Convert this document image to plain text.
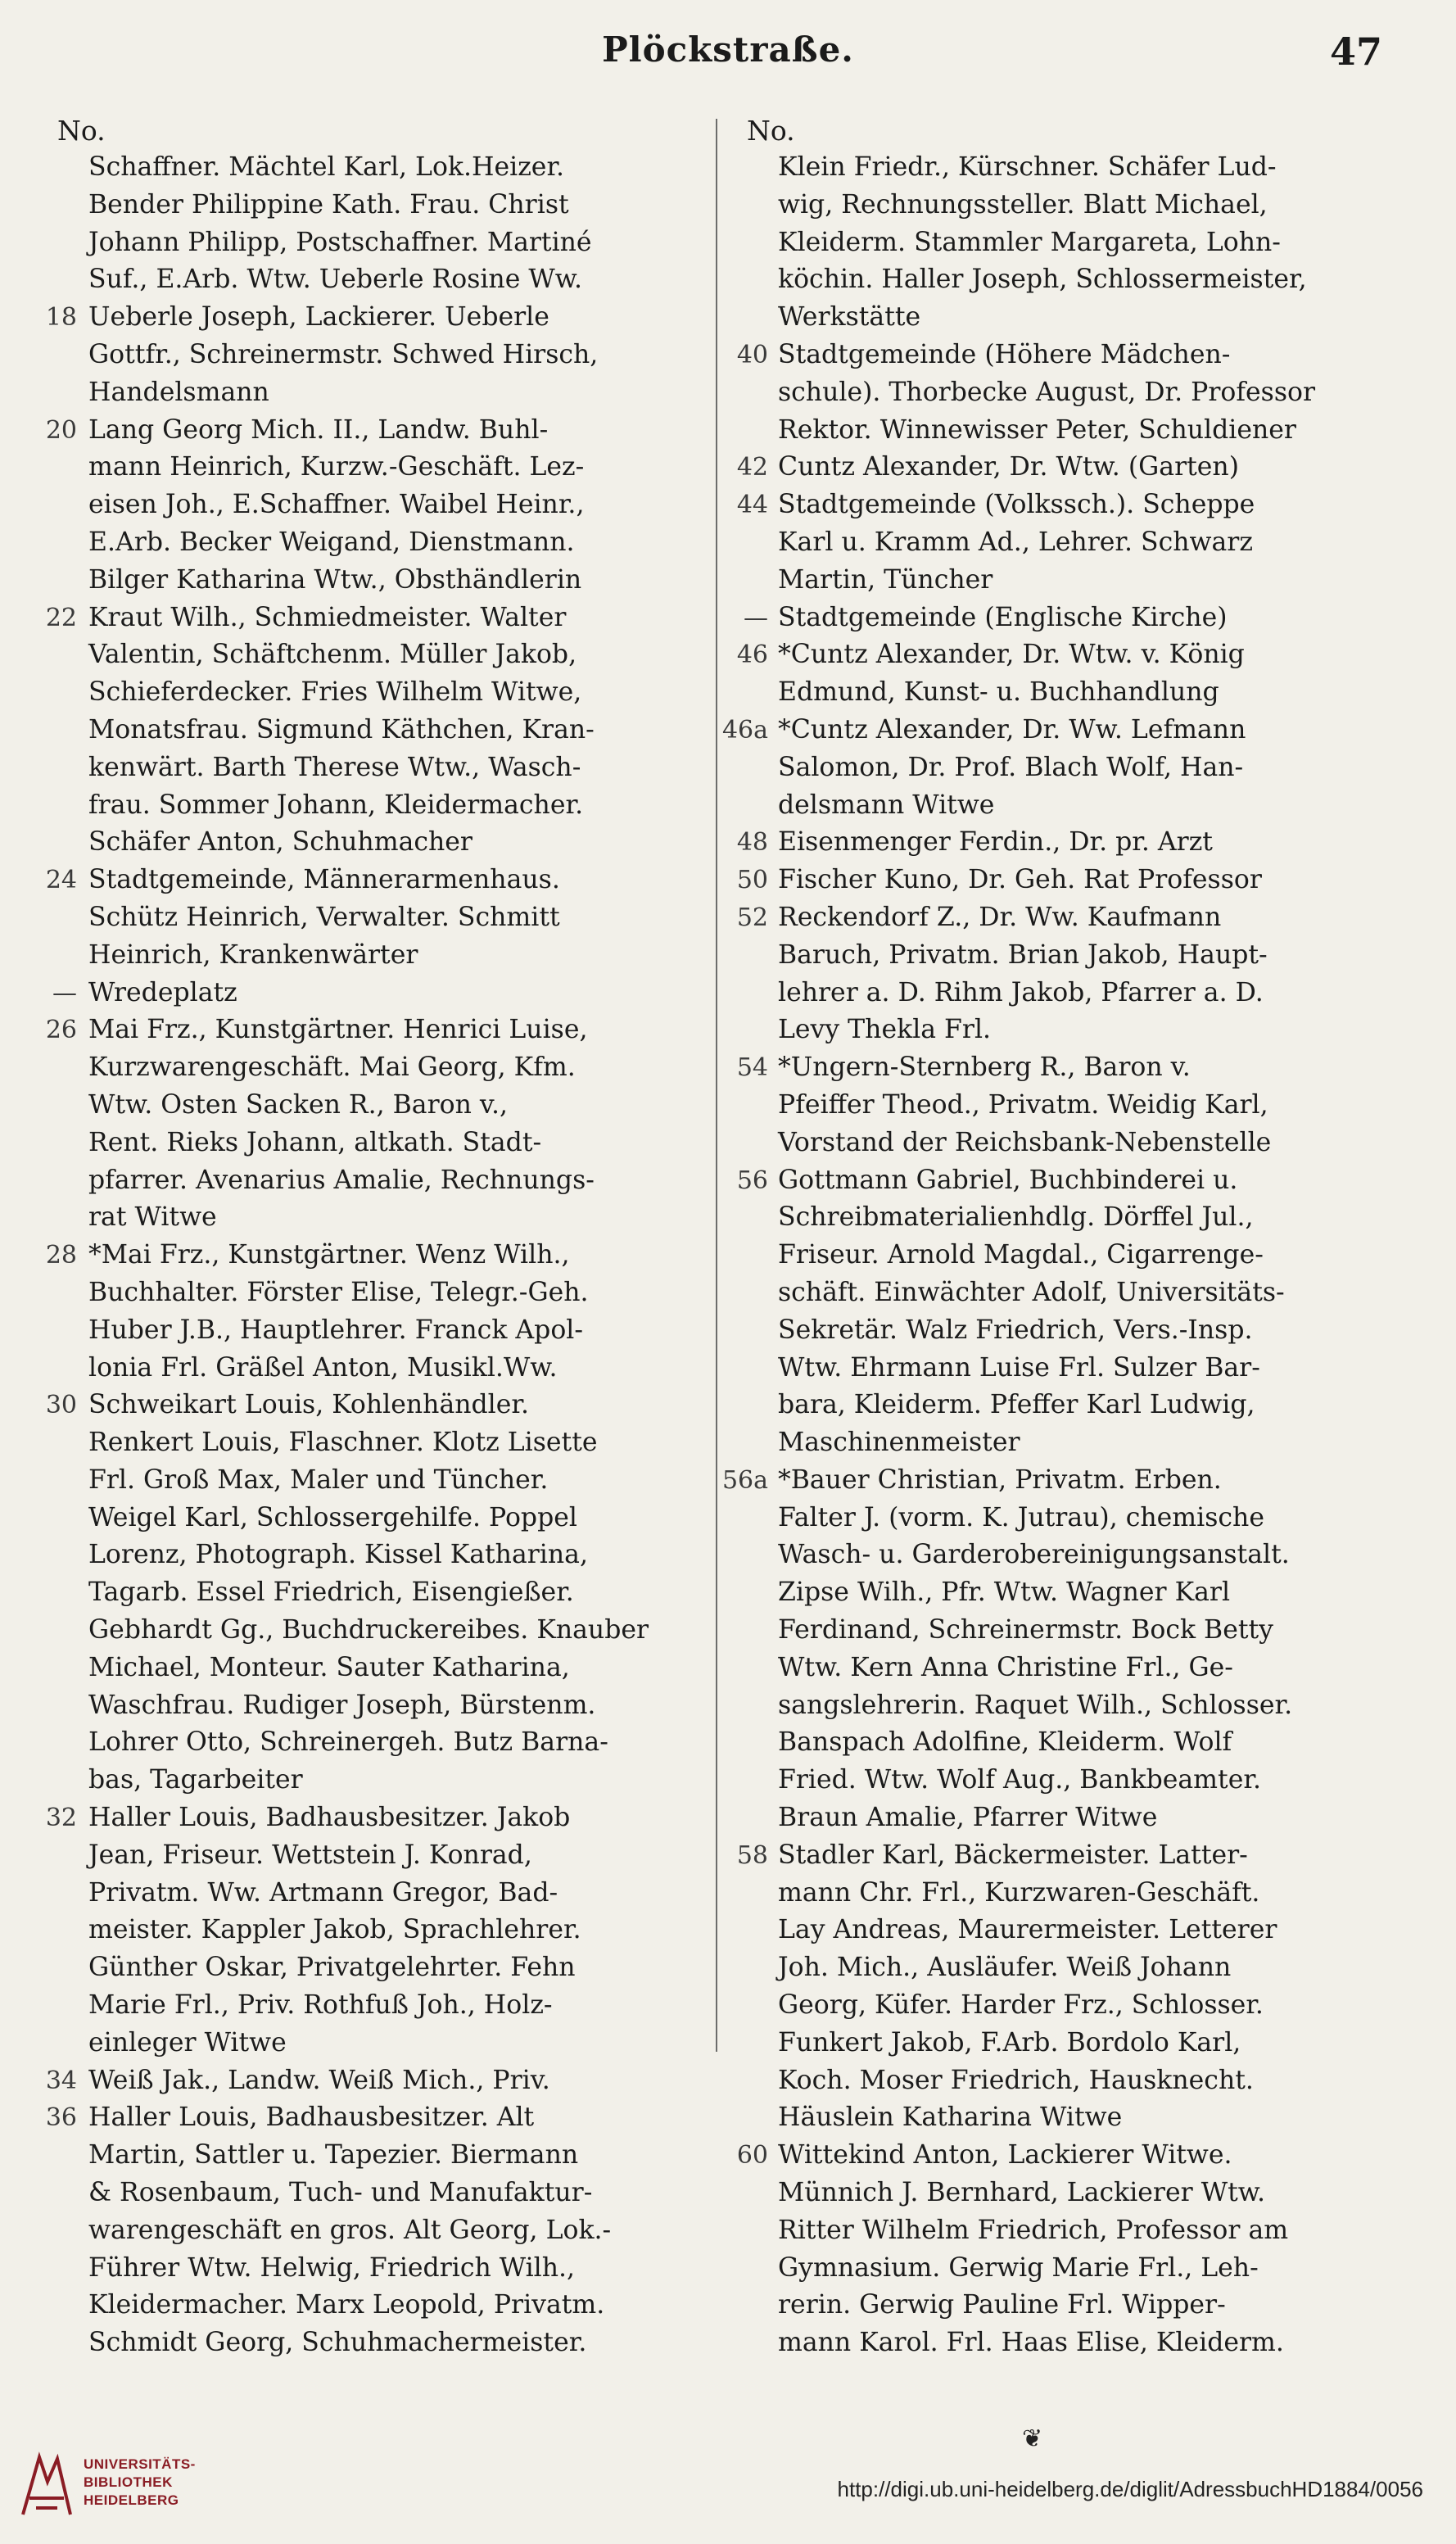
Plöckstraße.	47
No.
Schaffner. Mächtel Karl, Lok.Heizer.
Bender Philippine Kath. Frau. Christ
Johann Philipp, Postschaffner. Martiné
Suf., E.Arb. Wtw. Ueberle Rosine Ww.
18 Ueberle Joseph, Lackierer. Ueberle
Gottfr., Schreinermstr. Schwed Hirsch,
Handelsmann
20 Lang Georg Mich. II., Landw. Buhl-
mann Heinrich, Kurzw.-Geschäft. Lez-
eisen Joh., E.Schaffner. Waibel Heinr.,
E.Arb. Becker Weigand, Dienstmann.
Bilger Katharina Wtw., Obsthändlerin
22 Kraut Wilh., Schmiedmeister. Walter
Valentin, Schäftchenm. Müller Jakob,
Schieferdecker. Fries Wilhelm Witwe,
Monatsfrau. Sigmund Käthchen, Kran-
kenwärt. Barth Therese Wtw., Wasch-
frau. Sommer Johann, Kleidermacher.
Schäfer Anton, Schuhmacher
24 Stadtgemeinde, Männerarmenhaus.
Schütz Heinrich, Verwalter. Schmitt
Heinrich, Krankenwärter
— Wredeplatz
26 Mai Frz., Kunstgärtner. Henrici Luise,
Kurzwarengeschäft. Mai Georg, Kfm.
Wtw. Osten Sacken R., Baron v.,
Rent. Rieks Johann, altkath. Stadt-
pfarrer. Avenarius Amalie, Rechnungs-
rat Witwe
28 *Mai Frz., Kunstgärtner. Wenz Wilh.,
Buchhalter. Förster Elise, Telegr.-Geh.
Huber J.B., Hauptlehrer. Franck Apol-
lonia Frl. Gräßel Anton, Musikl.Ww.
30 Schweikart Louis, Kohlenhändler.
Renkert Louis, Flaschner. Klotz Lisette
Frl. Groß Max, Maler und Tüncher.
Weigel Karl, Schlossergehilfe. Poppel
Lorenz, Photograph. Kissel Katharina,
Tagarb. Essel Friedrich, Eisengießer.
Gebhardt Gg., Buchdruckereibes. Knauber
Michael, Monteur. Sauter Katharina,
Waschfrau. Rudiger Joseph, Bürstenm.
Lohrer Otto, Schreinergeh. Butz Barna-
bas, Tagarbeiter
32 Haller Louis, Badhausbesitzer. Jakob
Jean, Friseur. Wettstein J. Konrad,
Privatm. Ww. Artmann Gregor, Bad-
meister. Kappler Jakob, Sprachlehrer.
Günther Oskar, Privatgelehrter. Fehn
Marie Frl., Priv. Rothfuß Joh., Holz-
einleger Witwe
34 Weiß Jak., Landw. Weiß Mich., Priv.
36 Haller Louis, Badhausbesitzer. Alt
Martin, Sattler u. Tapezier. Biermann
& Rosenbaum, Tuch- und Manufaktur-
warengeschäft en gros. Alt Georg, Lok.-
Führer Wtw. Helwig, Friedrich Wilh.,
Kleidermacher. Marx Leopold, Privatm.
Schmidt Georg, Schuhmachermeister.
No.
Klein Friedr., Kürschner. Schäfer Lud-
wig, Rechnungssteller. Blatt Michael,
Kleiderm. Stammler Margareta, Lohn-
köchin. Haller Joseph, Schlossermeister,
Werkstätte
40 Stadtgemeinde (Höhere Mädchen-
schule). Thorbecke August, Dr. Professor
Rektor. Winnewisser Peter, Schuldiener
42 Cuntz Alexander, Dr. Wtw. (Garten)
44 Stadtgemeinde (Volkssch.). Scheppe
Karl u. Kramm Ad., Lehrer. Schwarz
Martin, Tüncher
— Stadtgemeinde (Englische Kirche)
46 *Cuntz Alexander, Dr. Wtw. v. König
Edmund, Kunst- u. Buchhandlung
46a *Cuntz Alexander, Dr. Ww. Lefmann
Salomon, Dr. Prof. Blach Wolf, Han-
delsmann Witwe
48 Eisenmenger Ferdin., Dr. pr. Arzt
50 Fischer Kuno, Dr. Geh. Rat Professor
52 Reckendorf Z., Dr. Ww. Kaufmann
Baruch, Privatm. Brian Jakob, Haupt-
lehrer a. D. Rihm Jakob, Pfarrer a. D.
Levy Thekla Frl.
54 *Ungern-Sternberg R., Baron v.
Pfeiffer Theod., Privatm. Weidig Karl,
Vorstand der Reichsbank-Nebenstelle
56 Gottmann Gabriel, Buchbinderei u.
Schreibmaterialienhdlg. Dörffel Jul.,
Friseur. Arnold Magdal., Cigarrenge-
schäft. Einwächter Adolf, Universitäts-
Sekretär. Walz Friedrich, Vers.-Insp.
Wtw. Ehrmann Luise Frl. Sulzer Bar-
bara, Kleiderm. Pfeffer Karl Ludwig,
Maschinenmeister
56a *Bauer Christian, Privatm. Erben.
Falter J. (vorm. K. Jutrau), chemische
Wasch- u. Garderobereinigungsanstalt.
Zipse Wilh., Pfr. Wtw. Wagner Karl
Ferdinand, Schreinermstr. Bock Betty
Wtw. Kern Anna Christine Frl., Ge-
sangslehrerin. Raquet Wilh., Schlosser.
Banspach Adolfine, Kleiderm. Wolf
Fried. Wtw. Wolf Aug., Bankbeamter.
Braun Amalie, Pfarrer Witwe
58 Stadler Karl, Bäckermeister. Latter-
mann Chr. Frl., Kurzwaren-Geschäft.
Lay Andreas, Maurermeister. Letterer
Joh. Mich., Ausläufer. Weiß Johann
Georg, Küfer. Harder Frz., Schlosser.
Funkert Jakob, F.Arb. Bordolo Karl,
Koch. Moser Friedrich, Hausknecht.
Häuslein Katharina Witwe
60 Wittekind Anton, Lackierer Witwe.
Münnich J. Bernhard, Lackierer Wtw.
Ritter Wilhelm Friedrich, Professor am
Gymnasium. Gerwig Marie Frl., Leh-
rerin. Gerwig Pauline Frl. Wipper-
mann Karol. Frl. Haas Elise, Kleiderm.
❦
UNIVERSITÄTS-
BIBLIOTHEK
HEIDELBERG	http://digi.ub.uni-heidelberg.de/diglit/AdressbuchHD1884/0056
